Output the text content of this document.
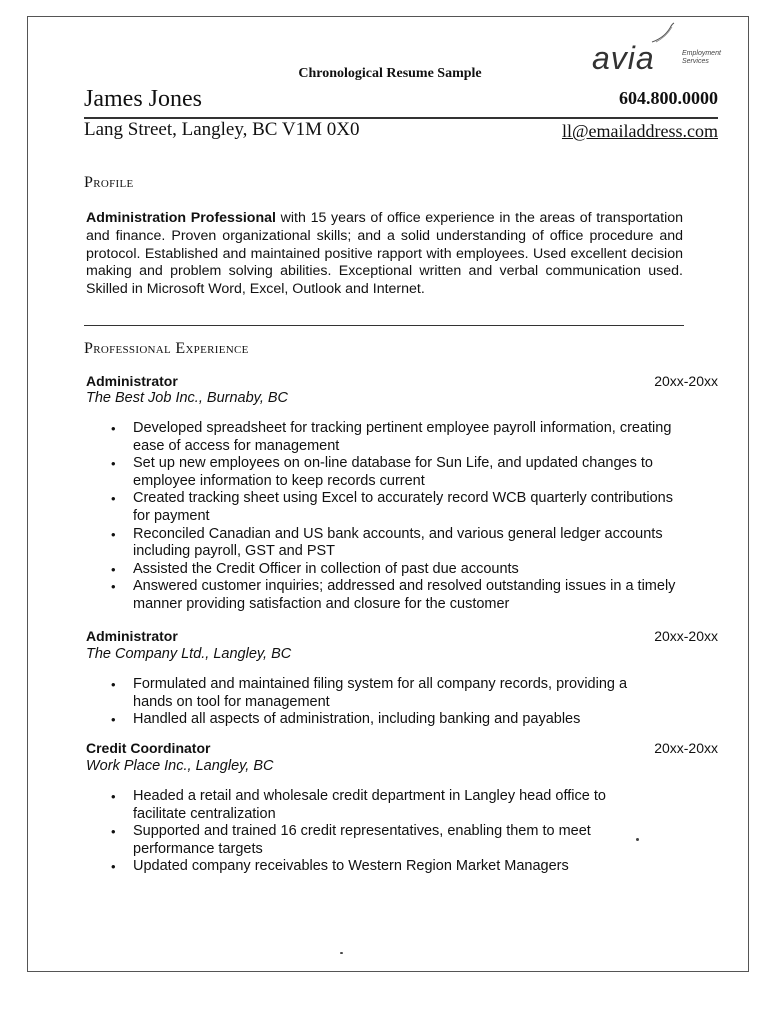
avia	Employment Services
Chronological Resume Sample
James Jones	604.800.0000
Lang Street, Langley, BC V1M 0X0	ll@emailaddress.com
Profile
Administration Professional with 15 years of office experience in the areas of transportation and finance. Proven organizational skills; and a solid understanding of office procedure and protocol. Established and maintained positive rapport with employees. Used excellent decision making and problem solving abilities. Exceptional written and verbal communication used. Skilled in Microsoft Word, Excel, Outlook and Internet.
Professional Experience
Administrator	20xx-20xx
The Best Job Inc., Burnaby, BC
• Developed spreadsheet for tracking pertinent employee payroll information, creating ease of access for management
• Set up new employees on on-line database for Sun Life, and updated changes to employee information to keep records current
• Created tracking sheet using Excel to accurately record WCB quarterly contributions for payment
• Reconciled Canadian and US bank accounts, and various general ledger accounts including payroll, GST and PST
• Assisted the Credit Officer in collection of past due accounts
• Answered customer inquiries; addressed and resolved outstanding issues in a timely manner providing satisfaction and closure for the customer
Administrator	20xx-20xx
The Company Ltd., Langley, BC
• Formulated and maintained filing system for all company records, providing a hands on tool for management
• Handled all aspects of administration, including banking and payables
Credit Coordinator	20xx-20xx
Work Place Inc., Langley, BC
• Headed a retail and wholesale credit department in Langley head office to facilitate centralization
• Supported and trained 16 credit representatives, enabling them to meet performance targets
• Updated company receivables to Western Region Market Managers
